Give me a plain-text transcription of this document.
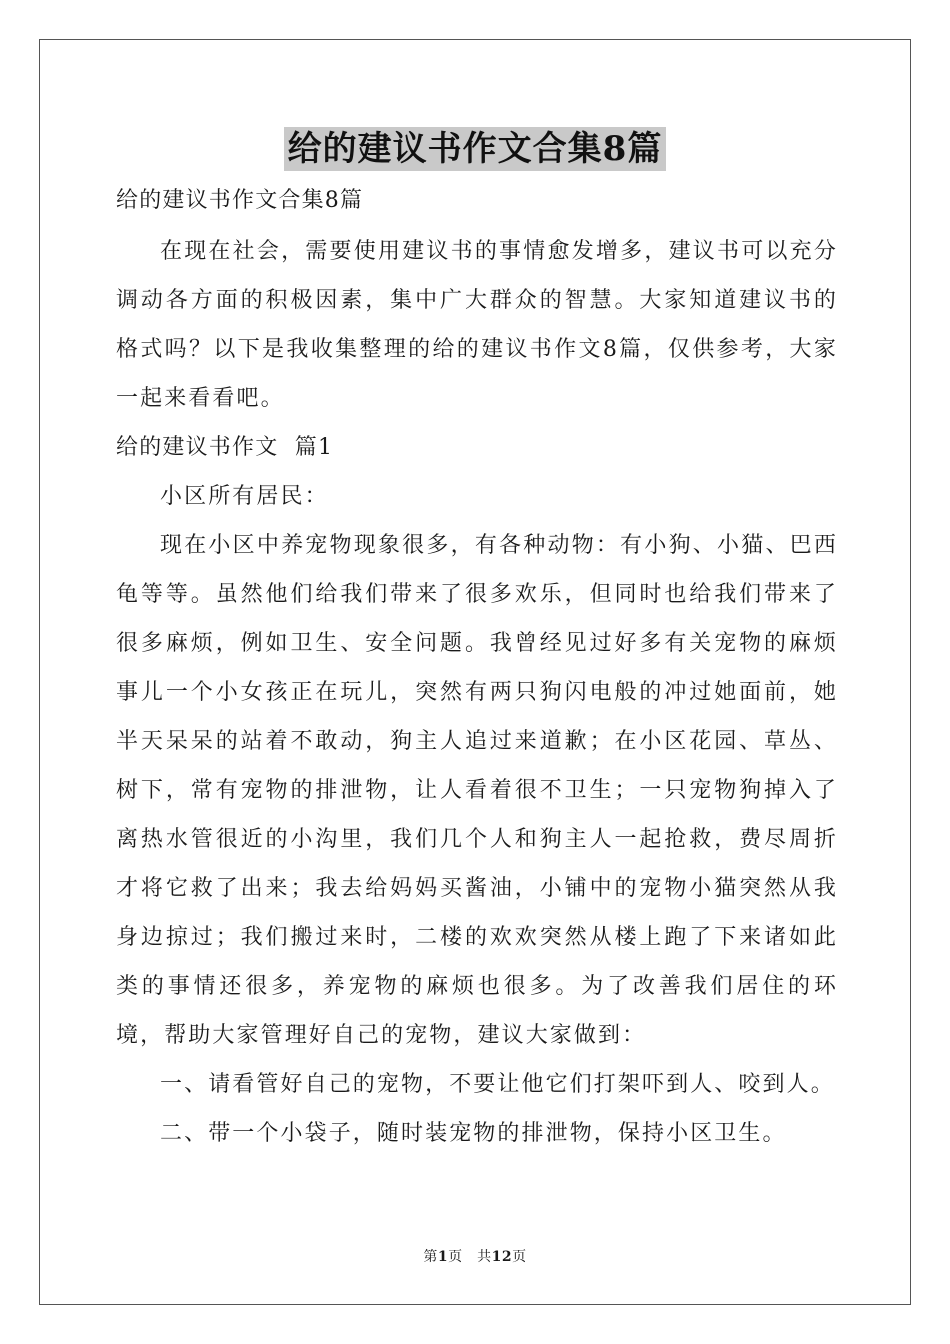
给的建议书作文合集8篇
给的建议书作文合集8篇

在现在社会，需要使用建议书的事情愈发增多，建议书可以充分调动各方面的积极因素，集中广大群众的智慧。大家知道建议书的格式吗？以下是我收集整理的给的建议书作文8篇，仅供参考，大家一起来看看吧。

给的建议书作文  篇1

小区所有居民：

现在小区中养宠物现象很多，有各种动物：有小狗、小猫、巴西龟等等。虽然他们给我们带来了很多欢乐，但同时也给我们带来了很多麻烦，例如卫生、安全问题。我曾经见过好多有关宠物的麻烦事儿一个小女孩正在玩儿，突然有两只狗闪电般的冲过她面前，她半天呆呆的站着不敢动，狗主人追过来道歉；在小区花园、草丛、树下，常有宠物的排泄物，让人看着很不卫生；一只宠物狗掉入了离热水管很近的小沟里，我们几个人和狗主人一起抢救，费尽周折才将它救了出来；我去给妈妈买酱油，小铺中的宠物小猫突然从我身边掠过；我们搬过来时，二楼的欢欢突然从楼上跑了下来诸如此类的事情还很多，养宠物的麻烦也很多。为了改善我们居住的环境，帮助大家管理好自己的宠物，建议大家做到：

一、请看管好自己的宠物，不要让他它们打架吓到人、咬到人。

二、带一个小袋子，随时装宠物的排泄物，保持小区卫生。

第1页　共12页
